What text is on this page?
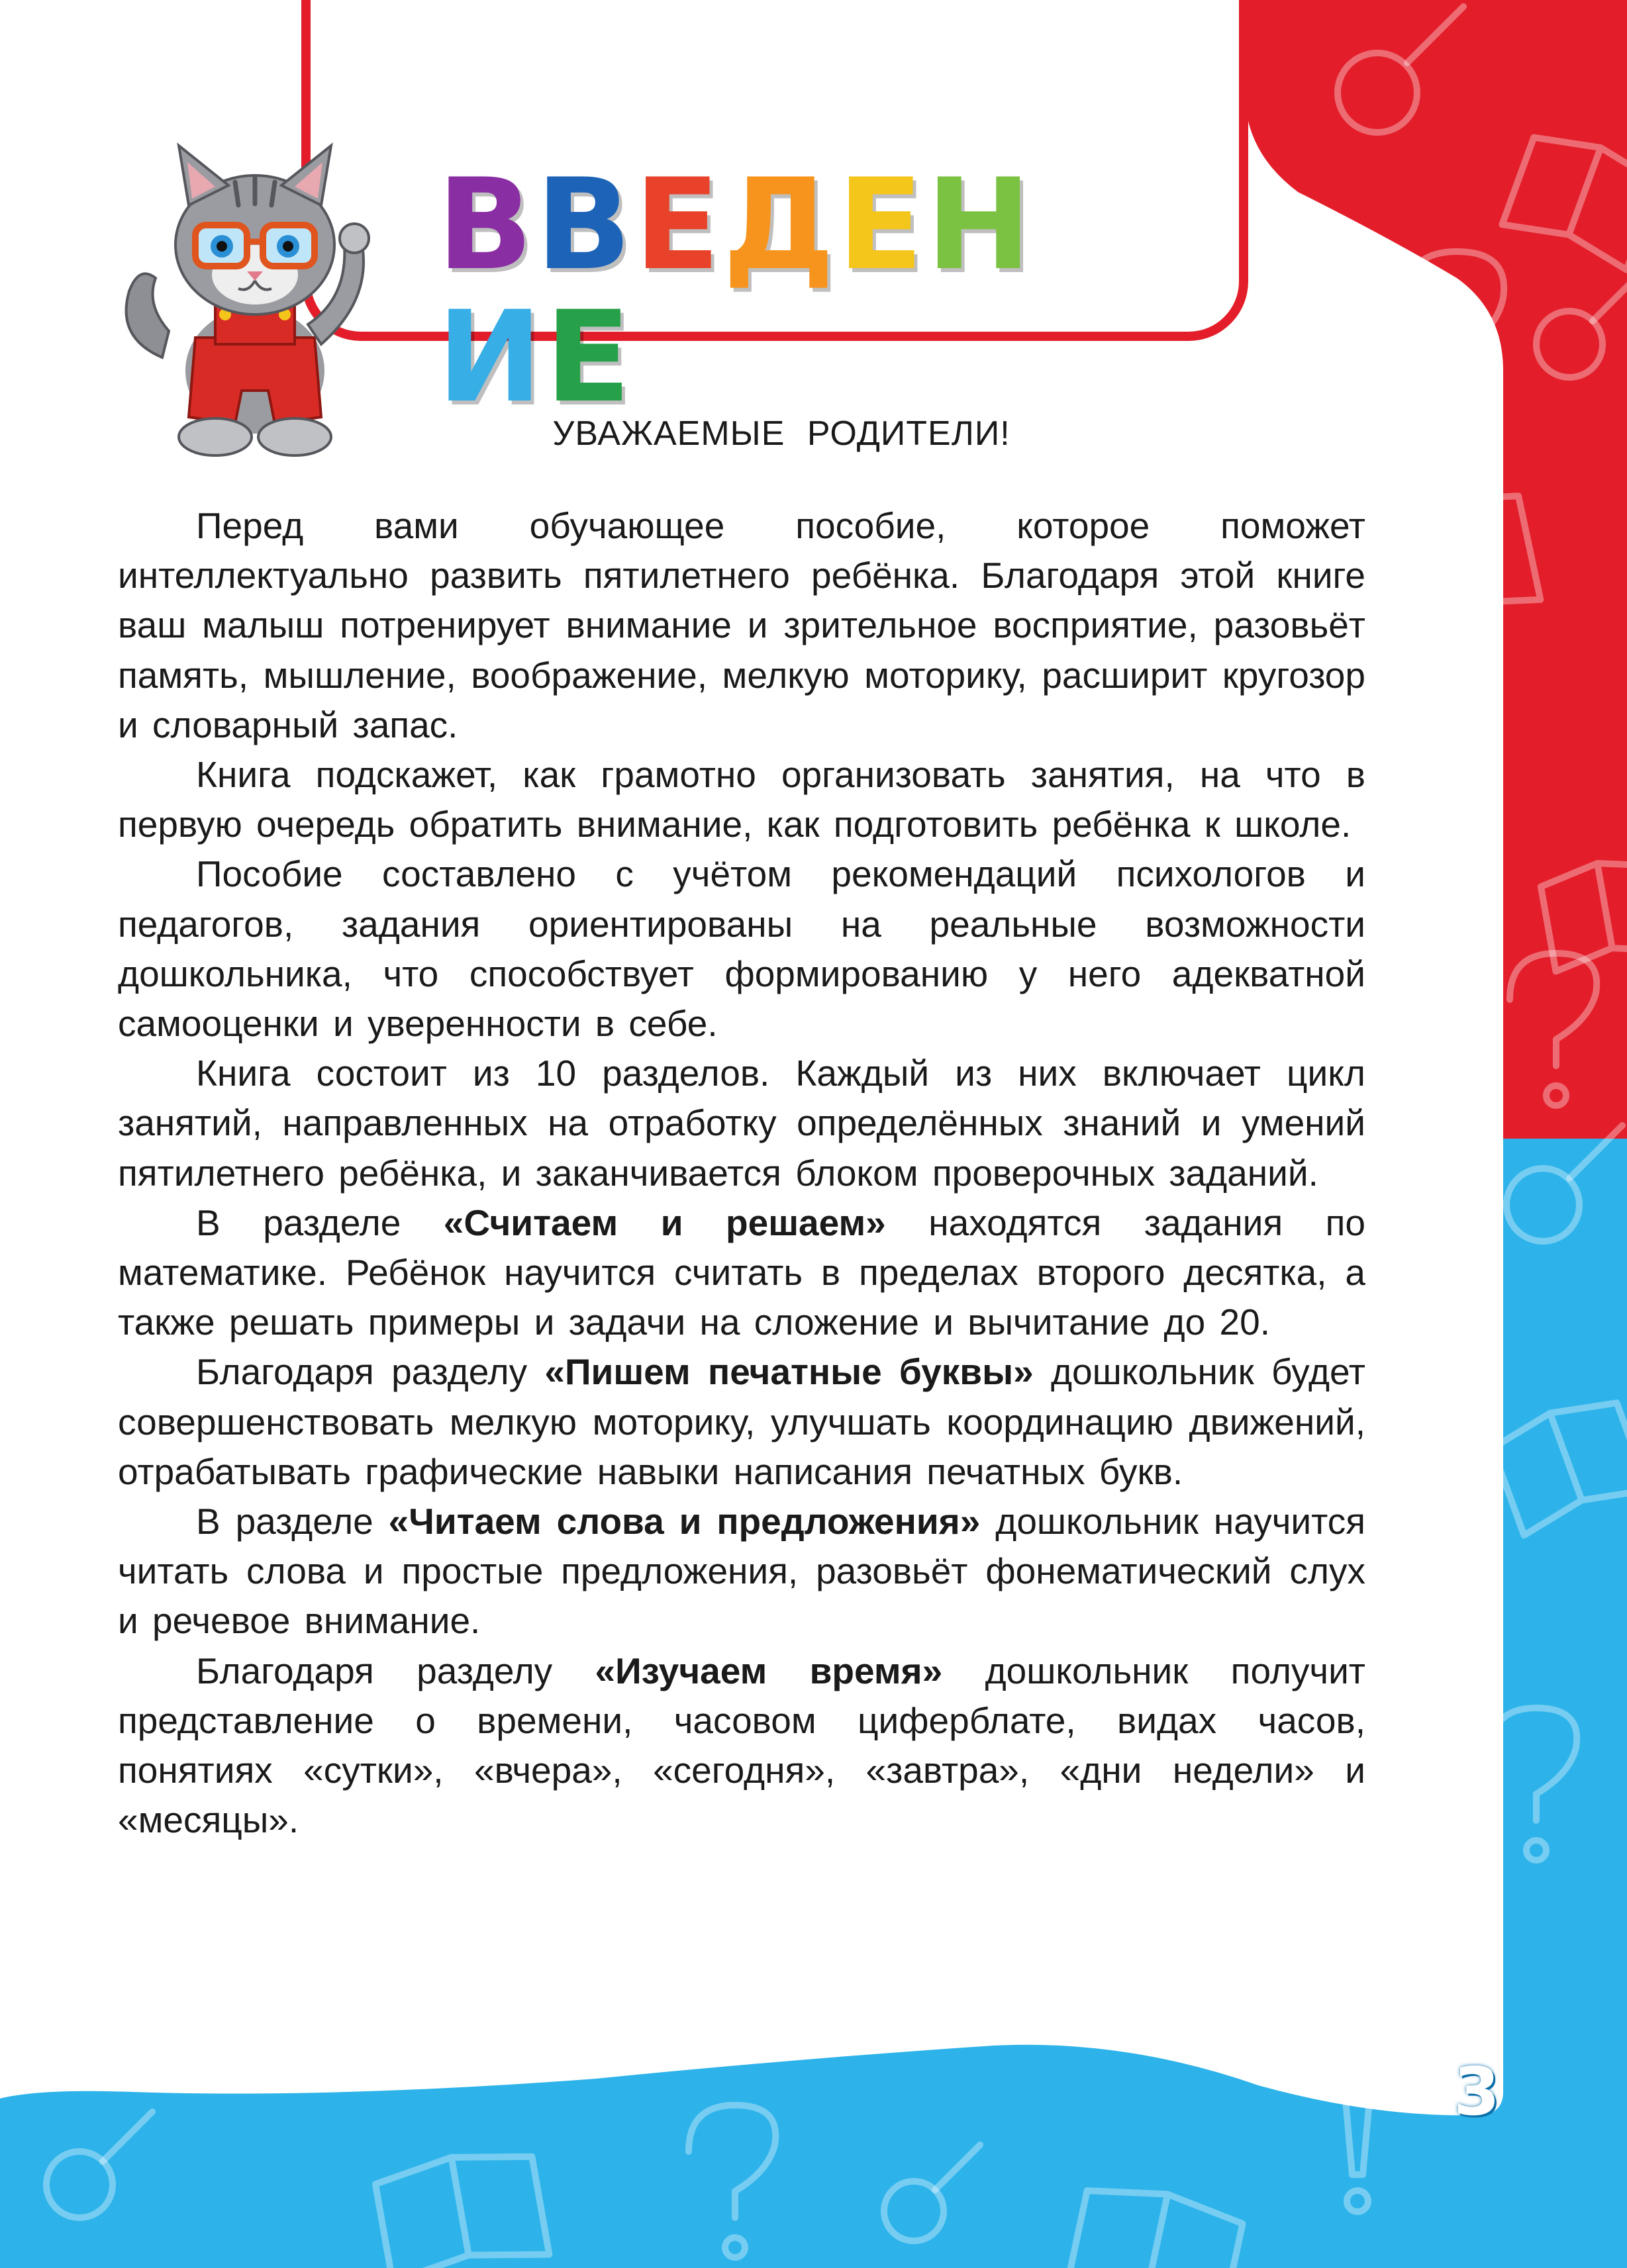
ВВЕДЕНИЕ
УВАЖАЕМЫЕ РОДИТЕЛИ!

Перед вами обучающее пособие, которое поможет интеллектуально развить пятилетнего ребёнка. Благодаря этой книге ваш малыш потренирует внимание и зрительное восприятие, разовьёт память, мышление, воображение, мелкую моторику, расширит кругозор и словарный запас.

Книга подскажет, как грамотно организовать занятия, на что в первую очередь обратить внимание, как подготовить ребёнка к школе.

Пособие составлено с учётом рекомендаций психологов и педагогов, задания ориентированы на реальные возможности дошкольника, что способствует формированию у него адекватной самооценки и уверенности в себе.

Книга состоит из 10 разделов. Каждый из них включает цикл занятий, направленных на отработку определённых знаний и умений пятилетнего ребёнка, и заканчивается блоком проверочных заданий.

В разделе «Считаем и решаем» находятся задания по математике. Ребёнок научится считать в пределах второго десятка, а также решать примеры и задачи на сложение и вычитание до 20.

Благодаря разделу «Пишем печатные буквы» дошкольник будет совершенствовать мелкую моторику, улучшать координацию движений, отрабатывать графические навыки написания печатных букв.

В разделе «Читаем слова и предложения» дошкольник научится читать слова и простые предложения, разовьёт фонематический слух и речевое внимание.

Благодаря разделу «Изучаем время» дошкольник получит представление о времени, часовом циферблате, видах часов, понятиях «сутки», «вчера», «сегодня», «завтра», «дни недели» и «месяцы».

3
